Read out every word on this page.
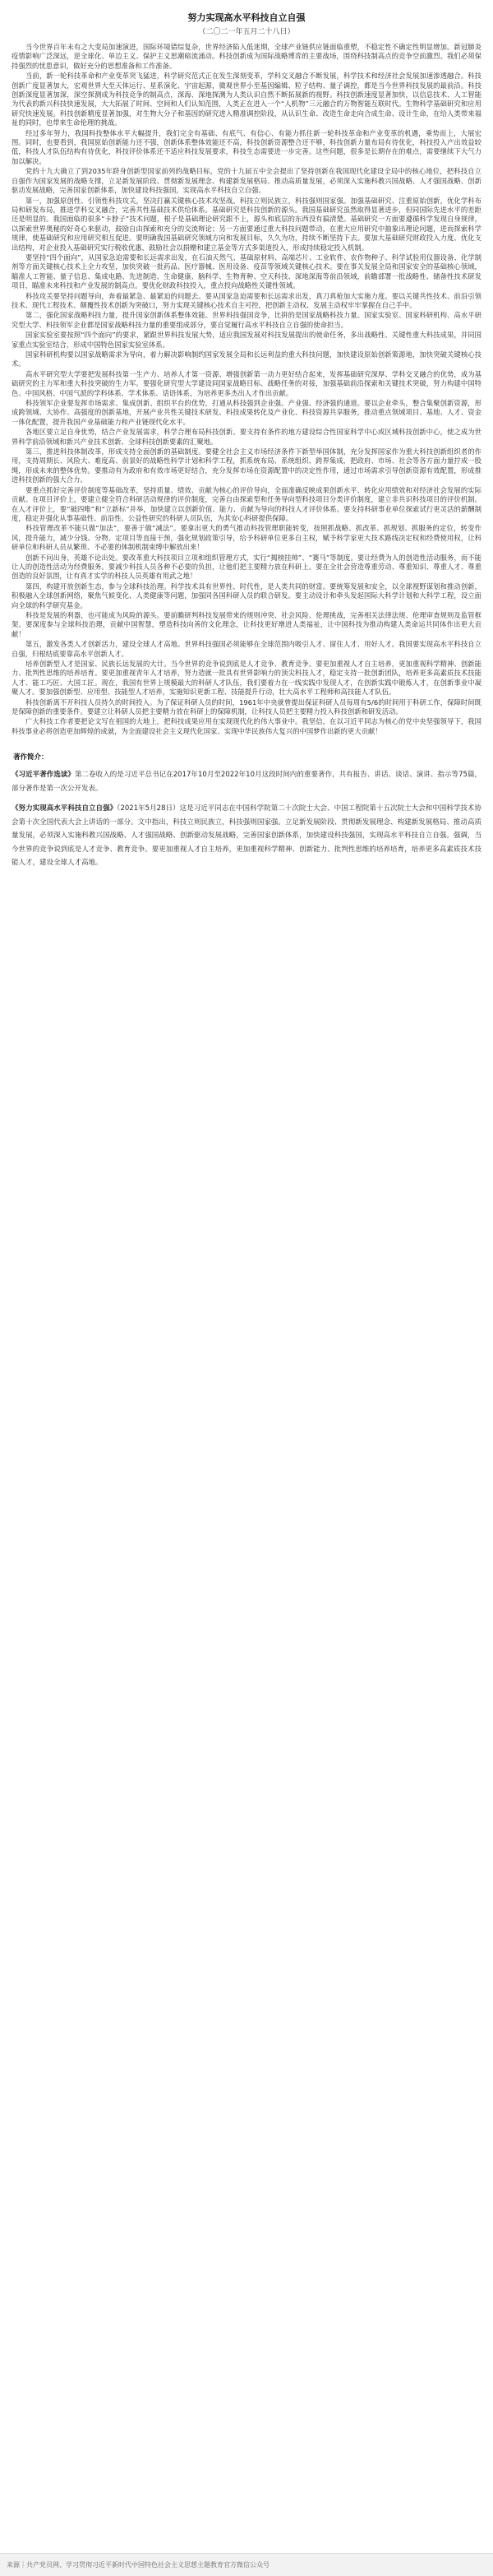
努力实现高水平科技自立自强
（二〇二一年五月二十八日）

当今世界百年未有之大变局加速演进，国际环境错综复杂，世界经济陷入低迷期，全球产业链供应链面临重塑，不稳定性不确定性明显增加。新冠肺炎疫情影响广泛深远，逆全球化、单边主义、保护主义思潮暗流涌动。科技创新成为国际战略博弈的主要战场，围绕科技制高点的竞争空前激烈。我们必须保持强烈的忧患意识，做好充分的思想准备和工作准备。

当前，新一轮科技革命和产业变革突飞猛进，科学研究范式正在发生深刻变革，学科交叉融合不断发展，科学技术和经济社会发展加速渗透融合。科技创新广度显著加大，宏观世界大至天体运行、星系演化、宇宙起源，微观世界小至基因编辑、粒子结构、量子调控，都是当今世界科技发展的最前沿。科技创新深度显著加深，深空探测成为科技竞争的制高点，深海、深地探测为人类认识自然不断拓展新的视野。科技创新速度显著加快，以信息技术、人工智能为代表的新兴科技快速发展，大大拓展了时间、空间和人们认知范围，人类正在进入一个“人机物”三元融合的万物智能互联时代。生物科学基础研究和应用研究快速发展。科技创新精度显著加强，对生物大分子和基因的研究进入精准调控阶段，从认识生命、改造生命走向合成生命、设计生命，在给人类带来福祉的同时，也带来生命伦理的挑战。

经过多年努力，我国科技整体水平大幅提升，我们完全有基础、有底气、有信心、有能力抓住新一轮科技革命和产业变革的机遇，乘势而上，大展宏图。同时，也要看到，我国原始创新能力还不强，创新体系整体效能还不高，科技创新资源整合还不够，科技创新力量布局有待优化，科技投入产出效益较低，科技人才队伍结构有待优化，科技评价体系还不适应科技发展要求，科技生态需要进一步完善。这些问题，很多是长期存在的难点，需要继续下大气力加以解决。

党的十九大确立了到2035年跻身创新型国家前列的战略目标，党的十九届五中全会提出了坚持创新在我国现代化建设全局中的核心地位，把科技自立自强作为国家发展的战略支撑，立足新发展阶段、贯彻新发展理念、构建新发展格局、推动高质量发展，必须深入实施科教兴国战略、人才强国战略、创新驱动发展战略，完善国家创新体系，加快建设科技强国，实现高水平科技自立自强。

第一，加强原创性、引领性科技攻关，坚决打赢关键核心技术攻坚战。科技立则民族立，科技强则国家强。加强基础研究、注重原始创新，优化学科布局和研发布局，推进学科交叉融合，完善共性基础技术供给体系。基础研究是科技创新的源头。我国基础研究虽然取得显著进步，但同国际先进水平的差距还是明显的。我国面临的很多“卡脖子”技术问题，根子是基础理论研究跟不上，源头和底层的东西没有搞清楚。基础研究一方面要遵循科学发现自身规律，以探索世界奥秘的好奇心来驱动，鼓励自由探索和充分的交流辩论；另一方面要通过重大科技问题带动，在重大应用研究中抽象出理论问题，进而探索科学规律，使基础研究和应用研究相互促进。要明确我国基础研究领域方向和发展目标，久久为功，持续不断坚持下去。要加大基础研究财政投入力度、优化支出结构，对企业投入基础研究实行税收优惠，鼓励社会以捐赠和建立基金等方式多渠道投入，形成持续稳定投入机制。

要坚持“四个面向”，从国家急迫需要和长远需求出发，在石油天然气、基础原材料、高端芯片、工业软件、农作物种子、科学试验用仪器设备、化学制剂等方面关键核心技术上全力攻坚，加快突破一批药品、医疗器械、医用设备、疫苗等领域关键核心技术。要在事关发展全局和国家安全的基础核心领域，瞄准人工智能、量子信息、集成电路、先进制造、生命健康、脑科学、生物育种、空天科技、深地深海等前沿领域，前瞻部署一批战略性、储备性技术研发项目，瞄准未来科技和产业发展的制高点。要优化财政科技投入，重点投向战略性关键性领域。

科技攻关要坚持问题导向，奔着最紧急、最紧迫的问题去。要从国家急迫需要和长远需求出发，真刀真枪加大实施力度。要以关键共性技术、前沿引领技术、现代工程技术、颠覆性技术创新为突破口，努力实现关键核心技术自主可控，把创新主动权、发展主动权牢牢掌握在自己手中。

第二，强化国家战略科技力量，提升国家创新体系整体效能。世界科技强国竞争，比拼的是国家战略科技力量。国家实验室、国家科研机构、高水平研究型大学、科技领军企业都是国家战略科技力量的重要组成部分，要自觉履行高水平科技自立自强的使命担当。

国家实验室要按照“四个面向”的要求，紧跟世界科技发展大势，适应我国发展对科技发展提出的使命任务，多出战略性、关键性重大科技成果，并同国家重点实验室结合，形成中国特色国家实验室体系。

国家科研机构要以国家战略需求为导向，着力解决影响制约国家发展全局和长远利益的重大科技问题，加快建设原始创新策源地，加快突破关键核心技术。

高水平研究型大学要把发展科技第一生产力、培养人才第一资源、增强创新第一动力更好结合起来，发挥基础研究深厚、学科交叉融合的优势，成为基础研究的主力军和重大科技突破的生力军。要强化研究型大学建设同国家战略目标、战略任务的对接，加强基础前沿探索和关键技术突破，努力构建中国特色、中国风格、中国气派的学科体系、学术体系、话语体系，为培养更多杰出人才作出贡献。

科技领军企业要发挥市场需求、集成创新、组织平台的优势，打通从科技强到企业强、产业强、经济强的通道。要以企业牵头，整合集聚创新资源，形成跨领域、大协作、高强度的创新基地，开展产业共性关键技术研发、科技成果转化及产业化、科技资源共享服务，推动重点领域项目、基地、人才、资金一体化配置，提升我国产业基础能力和产业链现代化水平。

各地区要立足自身优势，结合产业发展需求，科学合理布局科技创新。要支持有条件的地方建设综合性国家科学中心或区域科技创新中心，使之成为世界科学前沿领域和新兴产业技术创新、全球科技创新要素的汇聚地。

第三，推进科技体制改革，形成支持全面创新的基础制度。要健全社会主义市场经济条件下新型举国体制，充分发挥国家作为重大科技创新组织者的作用，支持周期长、风险大、难度高、前景好的战略性科学计划和科学工程，抓系统布局、系统组织、跨界集成，把政府、市场、社会等各方面力量拧成一股绳，形成未来的整体优势。要推动有为政府和有效市场更好结合，充分发挥市场在资源配置中的决定性作用，通过市场需求引导创新资源有效配置，形成推进科技创新的强大合力。

要重点抓好完善评价制度等基础改革，坚持质量、绩效、贡献为核心的评价导向，全面准确反映成果创新水平、转化应用绩效和对经济社会发展的实际贡献。在项目评价上，要建立健全符合科研活动规律的评价制度，完善自由探索型和任务导向型科技项目分类评价制度，建立非共识科技项目的评价机制。在人才评价上，要“破四唯”和“立新标”并举，加快建立以创新价值、能力、贡献为导向的科技人才评价体系。要支持科研事业单位探索试行更灵活的薪酬制度，稳定并强化从事基础性、前沿性、公益性研究的科研人员队伍，为其安心科研提供保障。

科技管理改革不能只做“加法”，要善于做“减法”。要拿出更大的勇气推动科技管理职能转变，按照抓战略、抓改革、抓规划、抓服务的定位，转变作风，提升能力，减少分钱、分物、定项目等直接干预，强化规划政策引导，给予科研单位更多自主权，赋予科学家更大技术路线决定权和经费使用权，让科研单位和科研人员从繁琐、不必要的体制机制束缚中解放出来！

创新不问出身，英雄不论出处。要改革重大科技项目立项和组织管理方式，实行“揭榜挂帅”、“赛马”等制度。要让经费为人的创造性活动服务，而不能让人的创造性活动为经费服务。要减少科技人员各种不必要的负担，让他们把主要精力放在科研上。要在全社会营造尊重劳动、尊重知识、尊重人才、尊重创造的良好氛围，让有真才实学的科技人员英雄有用武之地！

第四，构建开放创新生态，参与全球科技治理。科学技术具有世界性、时代性，是人类共同的财富。要统筹发展和安全，以全球视野谋划和推动创新，积极融入全球创新网络，聚焦气候变化、人类健康等问题，加强同各国科研人员的联合研发。要主动设计和牵头发起国际大科学计划和大科学工程，设立面向全球的科学研究基金。

科技是发展的利器，也可能成为风险的源头。要前瞻研判科技发展带来的规则冲突、社会风险、伦理挑战，完善相关法律法规、伦理审查规则及监管框架。要深度参与全球科技治理，贡献中国智慧，塑造科技向善的文化理念，让科技更好增进人类福祉，让中国科技为推动构建人类命运共同体作出更大贡献！

第五，激发各类人才创新活力，建设全球人才高地。世界科技强国必须能够在全球范围内吸引人才、留住人才、用好人才。我国要实现高水平科技自立自强，归根结底要靠高水平创新人才。

培养创新型人才是国家、民族长远发展的大计。当今世界的竞争说到底是人才竞争、教育竞争。要更加重视人才自主培养，更加重视科学精神、创新能力、批判性思维的培养培育。要更加重视青年人才培养，努力造就一批具有世界影响力的顶尖科技人才，稳定支持一批创新团队，培养更多高素质技术技能人才、能工巧匠、大国工匠。现在，我国有世界上规模最大的科研人才队伍，我们要着力在一线实践中发现人才，在创新实践中锻炼人才，在创新事业中凝聚人才。要加强创新型、应用型、技能型人才培养，实施知识更新工程、技能提升行动，壮大高水平工程师和高技能人才队伍。

科技创新离不开科技人员持久的时间投入。为了保证科研人员的时间，1961年中央就曾提出保证科研人员每周有5/6的时间用于科研工作，保障时间既是保障创新的重要条件。要建立让科研人员把主要精力放在科研上的保障机制，让科技人员把主要精力投入科技创新和研发活动。

广大科技工作者要把论文写在祖国的大地上，把科技成果应用在实现现代化的伟大事业中。我坚信，在以习近平同志为核心的党中央坚强领导下，我国科技事业必将创造更加辉煌的成就，为全面建设社会主义现代化国家、实现中华民族伟大复兴的中国梦作出新的更大贡献！

著作简介：
《习近平著作选读》第二卷收入的是习近平总书记在2017年10月至2022年10月这段时间内的重要著作，共有报告、讲话、谈话、演讲、指示等75篇，部分著作是第一次公开发表。
《努力实现高水平科技自立自强》（2021年5月28日）这是习近平同志在中国科学院第二十次院士大会、中国工程院第十五次院士大会和中国科学技术协会第十次全国代表大会上讲话的一部分。文中指出，科技立则民族立，科技强则国家强。立足新发展阶段、贯彻新发展理念、构建新发展格局、推动高质量发展，必须深入实施科教兴国战略、人才强国战略、创新驱动发展战略，完善国家创新体系，加快建设科技强国，实现高水平科技自立自强。强调，当今世界的竞争说到底是人才竞争、教育竞争。要更加重视人才自主培养，更加重视科学精神、创新能力、批判性思维的培养培育，培养更多高素质技术技能人才，建设全球人才高地。
来源｜共产党员网、学习贯彻习近平新时代中国特色社会主义思想主题教育官方微信公众号
